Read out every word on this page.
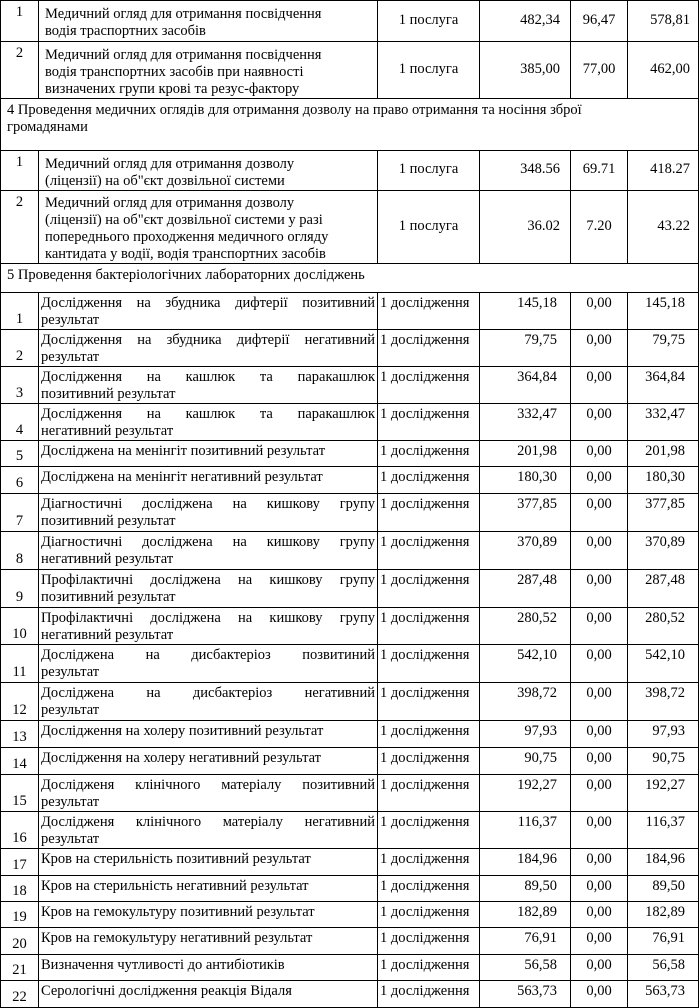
1	Медичний огляд для отримання посвідчення
водія траспортних засобів	1 послуга	482,34	96,47	578,81
2	Медичний огляд для отримання посвідчення
водія транспортних засобів при наявності
визначених групи крові та резус-фактору	1 послуга	385,00	77,00	462,00

4 Проведення медичних оглядів для отримання дозволу на право отримання та носіння зброї
громадянами					

1	Медичний огляд для отримання дозволу
(ліцензії) на об"єкт дозвільної системи	1 послуга	348.56	69.71	418.27
2	Медичний огляд для отримання дозволу
(ліцензії) на об"єкт дозвільної системи у разі
попереднього проходження медичного огляду
кантидата у водії, водія транспортних засобів	1 послуга	36.02	7.20	43.22
5 Проведення бактеріологічних лабораторних досліджень					
1	Дослідження на збудника дифтерії позитивний
результат	1 дослідження	145,18	0,00	145,18
2	Дослідження на збудника дифтерії негативний
результат	1 дослідження	79,75	0,00	79,75
3	Дослідження на кашлюк та паракашлюк
позитивний результат	1 дослідження	364,84	0,00	364,84
4	Дослідження на кашлюк та паракашлюк
негативний результат	1 дослідження	332,47	0,00	332,47
5	Досліджена на менінгіт позитивний результат	1 дослідження	201,98	0,00	201,98
6	Досліджена на менінгіт негативний результат	1 дослідження	180,30	0,00	180,30
7	Діагностичні досліджена на кишкову групу
позитивний результат	1 дослідження	377,85	0,00	377,85
8	Діагностичні досліджена на кишкову групу
негативний результат	1 дослідження	370,89	0,00	370,89
9	Профілактичні досліджена на кишкову групу
позитивний результат	1 дослідження	287,48	0,00	287,48
10	Профілактичні досліджена на кишкову групу
негативний результат	1 дослідження	280,52	0,00	280,52
11	Досліджена на дисбактеріоз позвитиний
результат	1 дослідження	542,10	0,00	542,10
12	Досліджена на дисбактеріоз негативний
результат	1 дослідження	398,72	0,00	398,72
13	Дослідження на холеру позитивний результат	1 дослідження	97,93	0,00	97,93
14	Дослідження на холеру негативний результат	1 дослідження	90,75	0,00	90,75
15	Дослідженя клінічного матеріалу позитивний
результат	1 дослідження	192,27	0,00	192,27
16	Дослідженя клінічного матеріалу негативний
результат	1 дослідження	116,37	0,00	116,37
17	Кров на стерильність позитивний результат	1 дослідження	184,96	0,00	184,96
18	Кров на стерильність негативний результат	1 дослідження	89,50	0,00	89,50
19	Кров на гемокультуру позитивний результат	1 дослідження	182,89	0,00	182,89
20	Кров на гемокультуру негативний результат	1 дослідження	76,91	0,00	76,91
21	Визначення чутливості до антибіотиків	1 дослідження	56,58	0,00	56,58
22	Серологічні дослідження реакція Відаля	1 дослідження	563,73	0,00	563,73
